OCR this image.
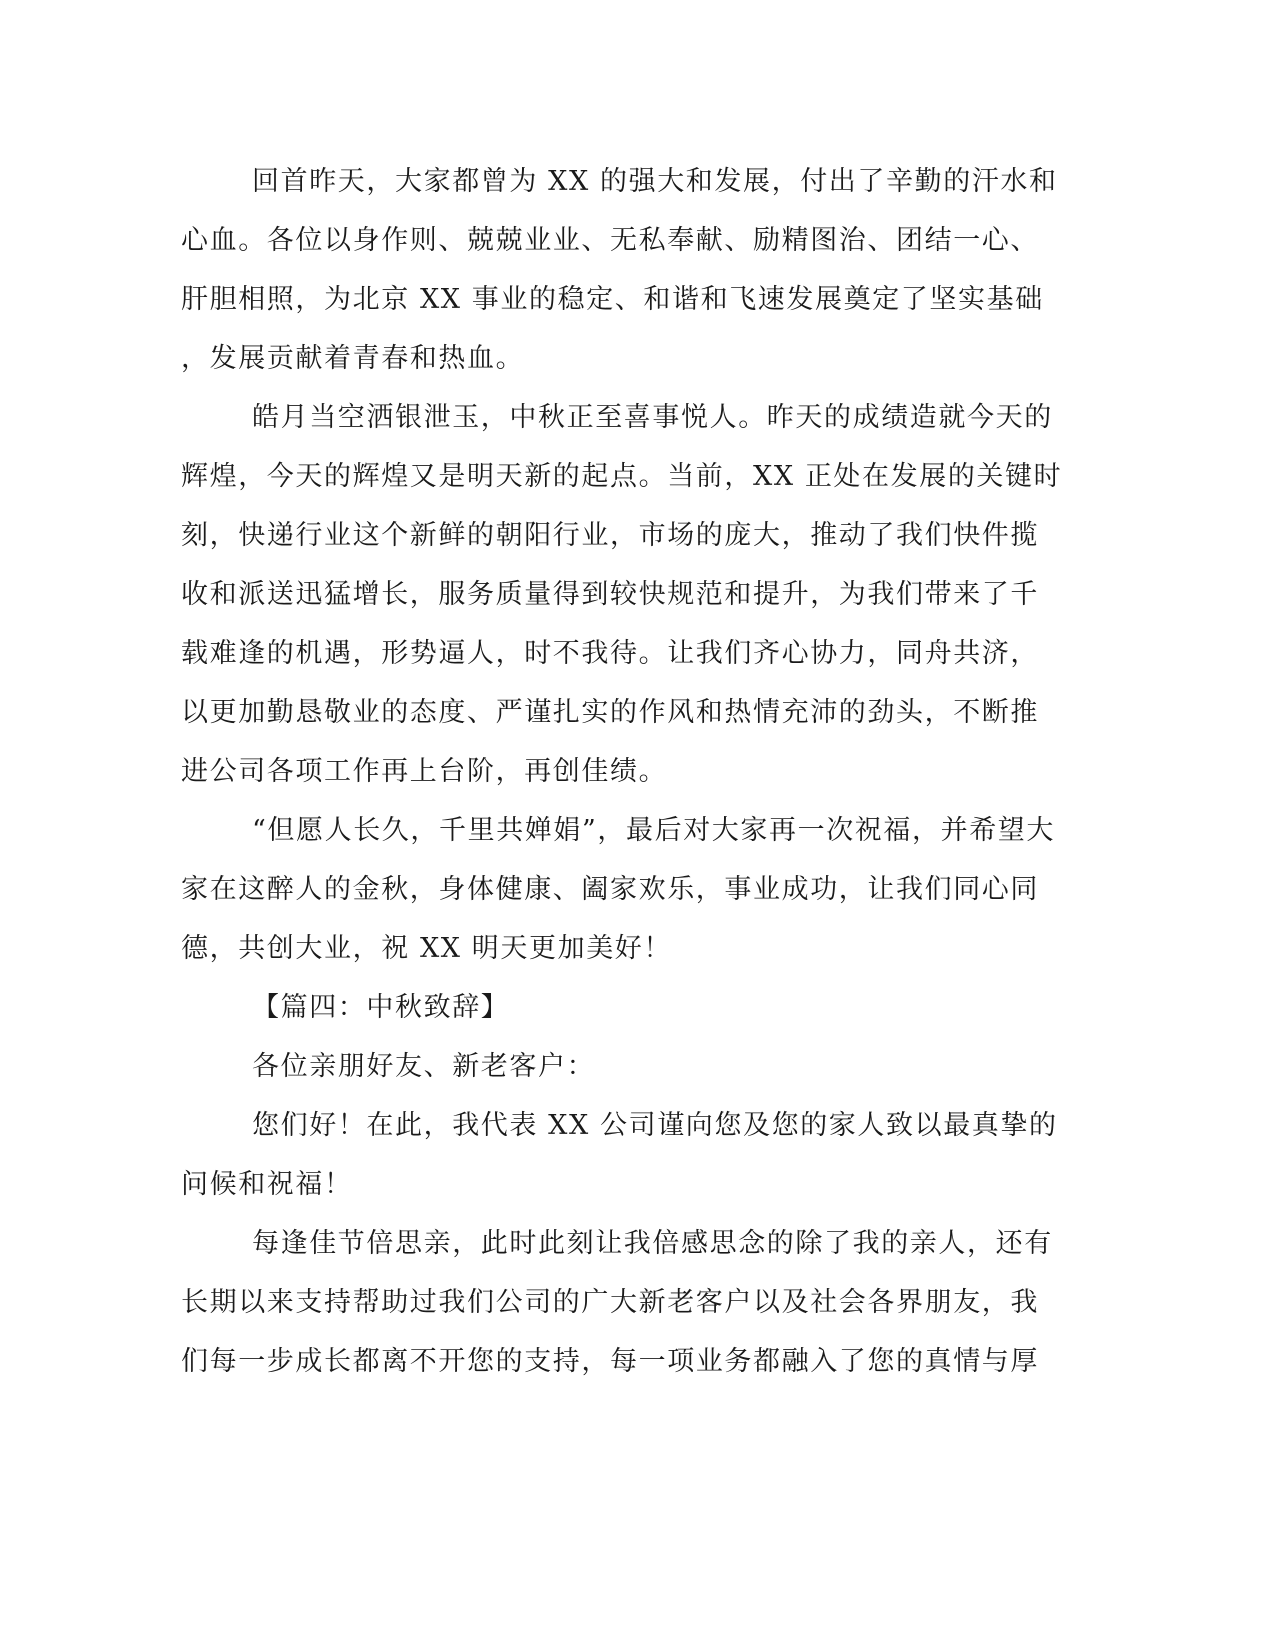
回首昨天，大家都曾为 XX 的强大和发展，付出了辛勤的汗水和
心血。各位以身作则、兢兢业业、无私奉献、励精图治、团结一心、
肝胆相照，为北京 XX 事业的稳定、和谐和飞速发展奠定了坚实基础
，发展贡献着青春和热血。
皓月当空洒银泄玉，中秋正至喜事悦人。昨天的成绩造就今天的
辉煌，今天的辉煌又是明天新的起点。当前，XX 正处在发展的关键时
刻，快递行业这个新鲜的朝阳行业，市场的庞大，推动了我们快件揽
收和派送迅猛增长，服务质量得到较快规范和提升，为我们带来了千
载难逢的机遇，形势逼人，时不我待。让我们齐心协力，同舟共济，
以更加勤恳敬业的态度、严谨扎实的作风和热情充沛的劲头，不断推
进公司各项工作再上台阶，再创佳绩。
“但愿人长久，千里共婵娟”，最后对大家再一次祝福，并希望大
家在这醉人的金秋，身体健康、阖家欢乐，事业成功，让我们同心同
德，共创大业，祝 XX 明天更加美好！
【篇四：中秋致辞】
各位亲朋好友、新老客户：
您们好！在此，我代表 XX 公司谨向您及您的家人致以最真挚的
问候和祝福！
每逢佳节倍思亲，此时此刻让我倍感思念的除了我的亲人，还有
长期以来支持帮助过我们公司的广大新老客户以及社会各界朋友，我
们每一步成长都离不开您的支持，每一项业务都融入了您的真情与厚
